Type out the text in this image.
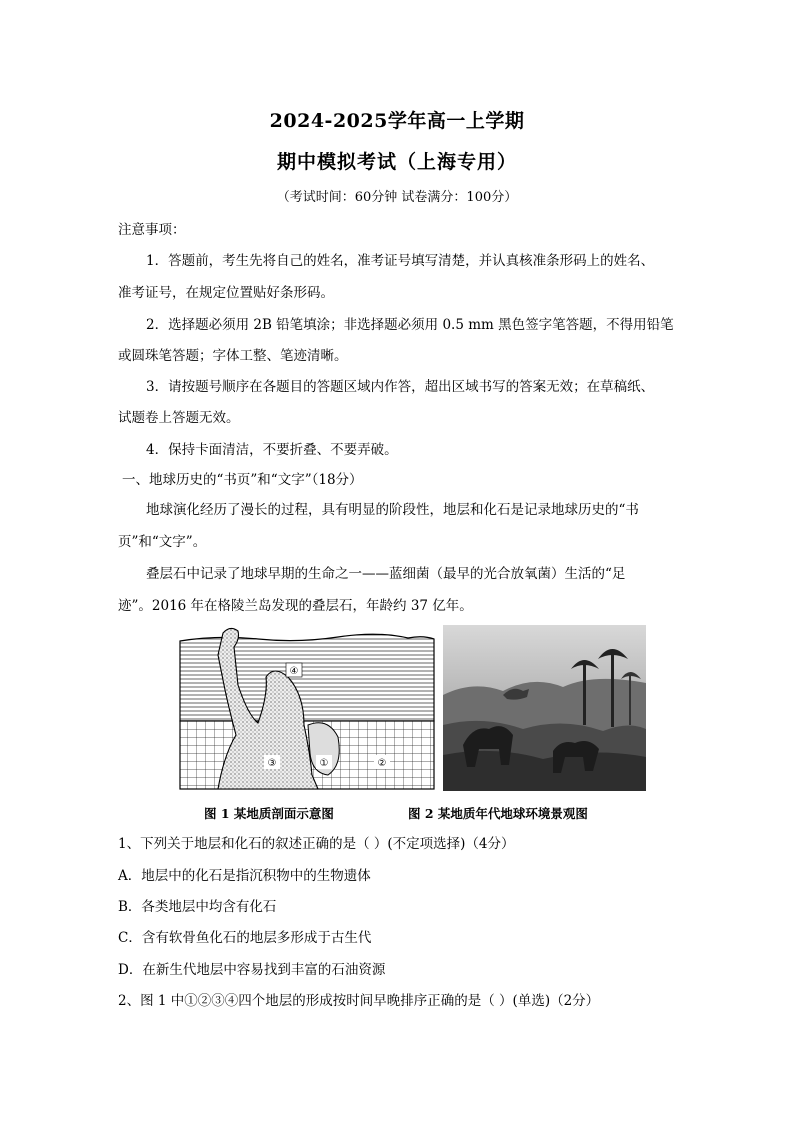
2024-2025学年高一上学期
期中模拟考试（上海专用）
（考试时间：60分钟 试卷满分：100分）
注意事项：
1．答题前，考生先将自己的姓名，准考证号填写清楚，并认真核准条形码上的姓名、
准考证号，在规定位置贴好条形码。
2．选择题必须用 2B 铅笔填涂；非选择题必须用 0.5 mm 黑色签字笔答题，不得用铅笔
或圆珠笔答题；字体工整、笔迹清晰。
3．请按题号顺序在各题目的答题区域内作答，超出区域书写的答案无效；在草稿纸、
试题卷上答题无效。
4．保持卡面清洁，不要折叠、不要弄破。
一、地球历史的“书页”和“文字”（18分）
地球演化经历了漫长的过程，具有明显的阶段性，地层和化石是记录地球历史的“书
页”和“文字”。
叠层石中记录了地球早期的生命之一——蓝细菌（最早的光合放氧菌）生活的“足
迹”。2016 年在格陵兰岛发现的叠层石，年龄约 37 亿年。
④
③	①	②
图 1 某地质剖面示意图	图 2 某地质年代地球环境景观图
1、下列关于地层和化石的叙述正确的是（ ）(不定项选择)（4分）
A．地层中的化石是指沉积物中的生物遗体
B．各类地层中均含有化石
C．含有软骨鱼化石的地层多形成于古生代
D．在新生代地层中容易找到丰富的石油资源
2、图 1 中①②③④四个地层的形成按时间早晚排序正确的是（ ）(单选)（2分）
